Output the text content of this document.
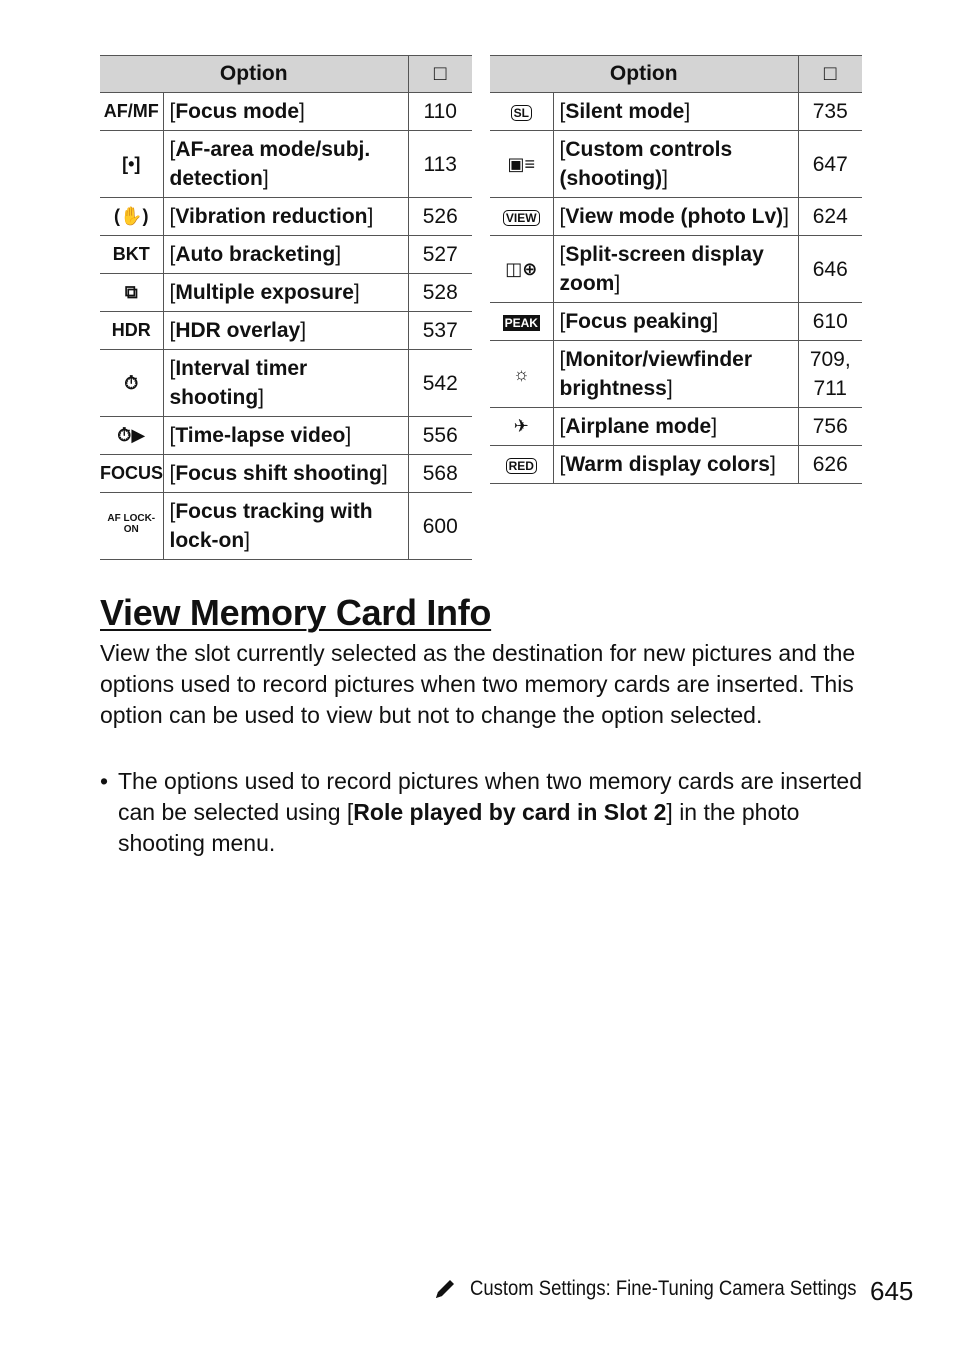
Option		□
AF/MF	[Focus mode]	110
[•]	[AF-area mode/subj. detection]	113
(✋)	[Vibration reduction]	526
BKT	[Auto bracketing]	527
⧉	[Multiple exposure]	528
HDR	[HDR overlay]	537
⏱	[Interval timer shooting]	542
⏱▶	[Time-lapse video]	556
FOCUS	[Focus shift shooting]	568
AF LOCK-ON	[Focus tracking with lock-on]	600
Option		□
SL	[Silent mode]	735
▣≡	[Custom controls (shooting)]	647
VIEW	[View mode (photo Lv)]	624
◫⊕	[Split-screen display zoom]	646
PEAK	[Focus peaking]	610
☼	[Monitor/viewfinder brightness]	709, 711
✈	[Airplane mode]	756
RED	[Warm display colors]	626
View Memory Card Info

View the slot currently selected as the destination for new pictures and the options used to record pictures when two memory cards are inserted. This option can be used to view but not to change the option selected.

• The options used to record pictures when two memory cards are inserted can be selected using [Role played by card in Slot 2] in the photo shooting menu.
Custom Settings: Fine-Tuning Camera Settings 645
